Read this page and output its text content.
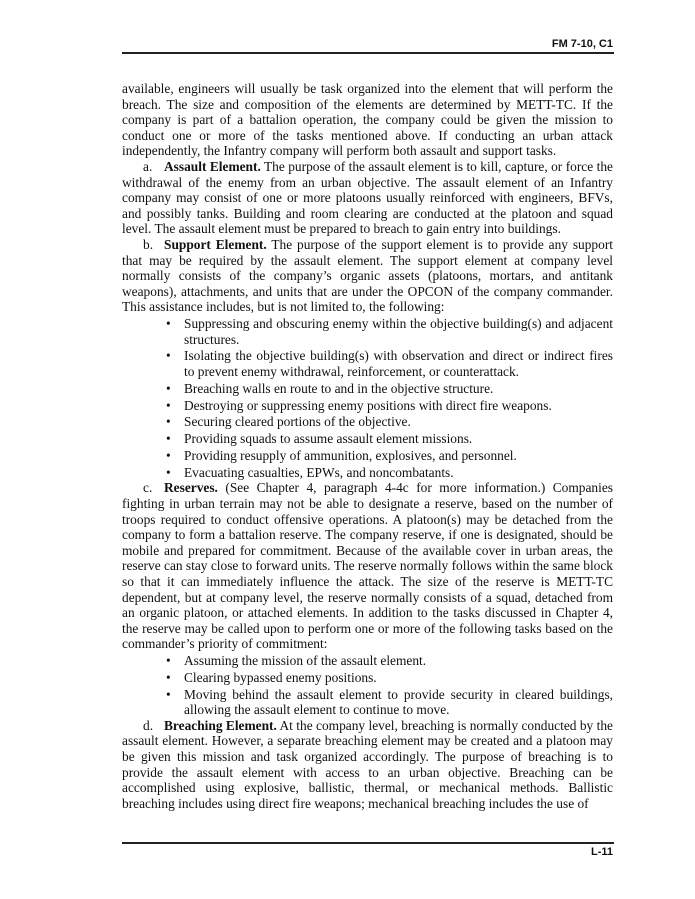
FM 7-10, C1

available, engineers will usually be task organized into the element that will perform the breach. The size and composition of the elements are determined by METT-TC. If the company is part of a battalion operation, the company could be given the mission to conduct one or more of the tasks mentioned above. If conducting an urban attack independently, the Infantry company will perform both assault and support tasks.

a. Assault Element. The purpose of the assault element is to kill, capture, or force the withdrawal of the enemy from an urban objective. The assault element of an Infantry company may consist of one or more platoons usually reinforced with engineers, BFVs, and possibly tanks. Building and room clearing are conducted at the platoon and squad level. The assault element must be prepared to breach to gain entry into buildings.

b. Support Element. The purpose of the support element is to provide any support that may be required by the assault element. The support element at company level normally consists of the company’s organic assets (platoons, mortars, and antitank weapons), attachments, and units that are under the OPCON of the company commander. This assistance includes, but is not limited to, the following:

• Suppressing and obscuring enemy within the objective building(s) and adjacent structures.
• Isolating the objective building(s) with observation and direct or indirect fires to prevent enemy withdrawal, reinforcement, or counterattack.
• Breaching walls en route to and in the objective structure.
• Destroying or suppressing enemy positions with direct fire weapons.
• Securing cleared portions of the objective.
• Providing squads to assume assault element missions.
• Providing resupply of ammunition, explosives, and personnel.
• Evacuating casualties, EPWs, and noncombatants.

c. Reserves. (See Chapter 4, paragraph 4-4c for more information.) Companies fighting in urban terrain may not be able to designate a reserve, based on the number of troops required to conduct offensive operations. A platoon(s) may be detached from the company to form a battalion reserve. The company reserve, if one is designated, should be mobile and prepared for commitment. Because of the available cover in urban areas, the reserve can stay close to forward units. The reserve normally follows within the same block so that it can immediately influence the attack. The size of the reserve is METT-TC dependent, but at company level, the reserve normally consists of a squad, detached from an organic platoon, or attached elements. In addition to the tasks discussed in Chapter 4, the reserve may be called upon to perform one or more of the following tasks based on the commander’s priority of commitment:

• Assuming the mission of the assault element.
• Clearing bypassed enemy positions.
• Moving behind the assault element to provide security in cleared buildings, allowing the assault element to continue to move.

d. Breaching Element. At the company level, breaching is normally conducted by the assault element. However, a separate breaching element may be created and a platoon may be given this mission and task organized accordingly. The purpose of breaching is to provide the assault element with access to an urban objective. Breaching can be accomplished using explosive, ballistic, thermal, or mechanical methods. Ballistic breaching includes using direct fire weapons; mechanical breaching includes the use of

L-11
